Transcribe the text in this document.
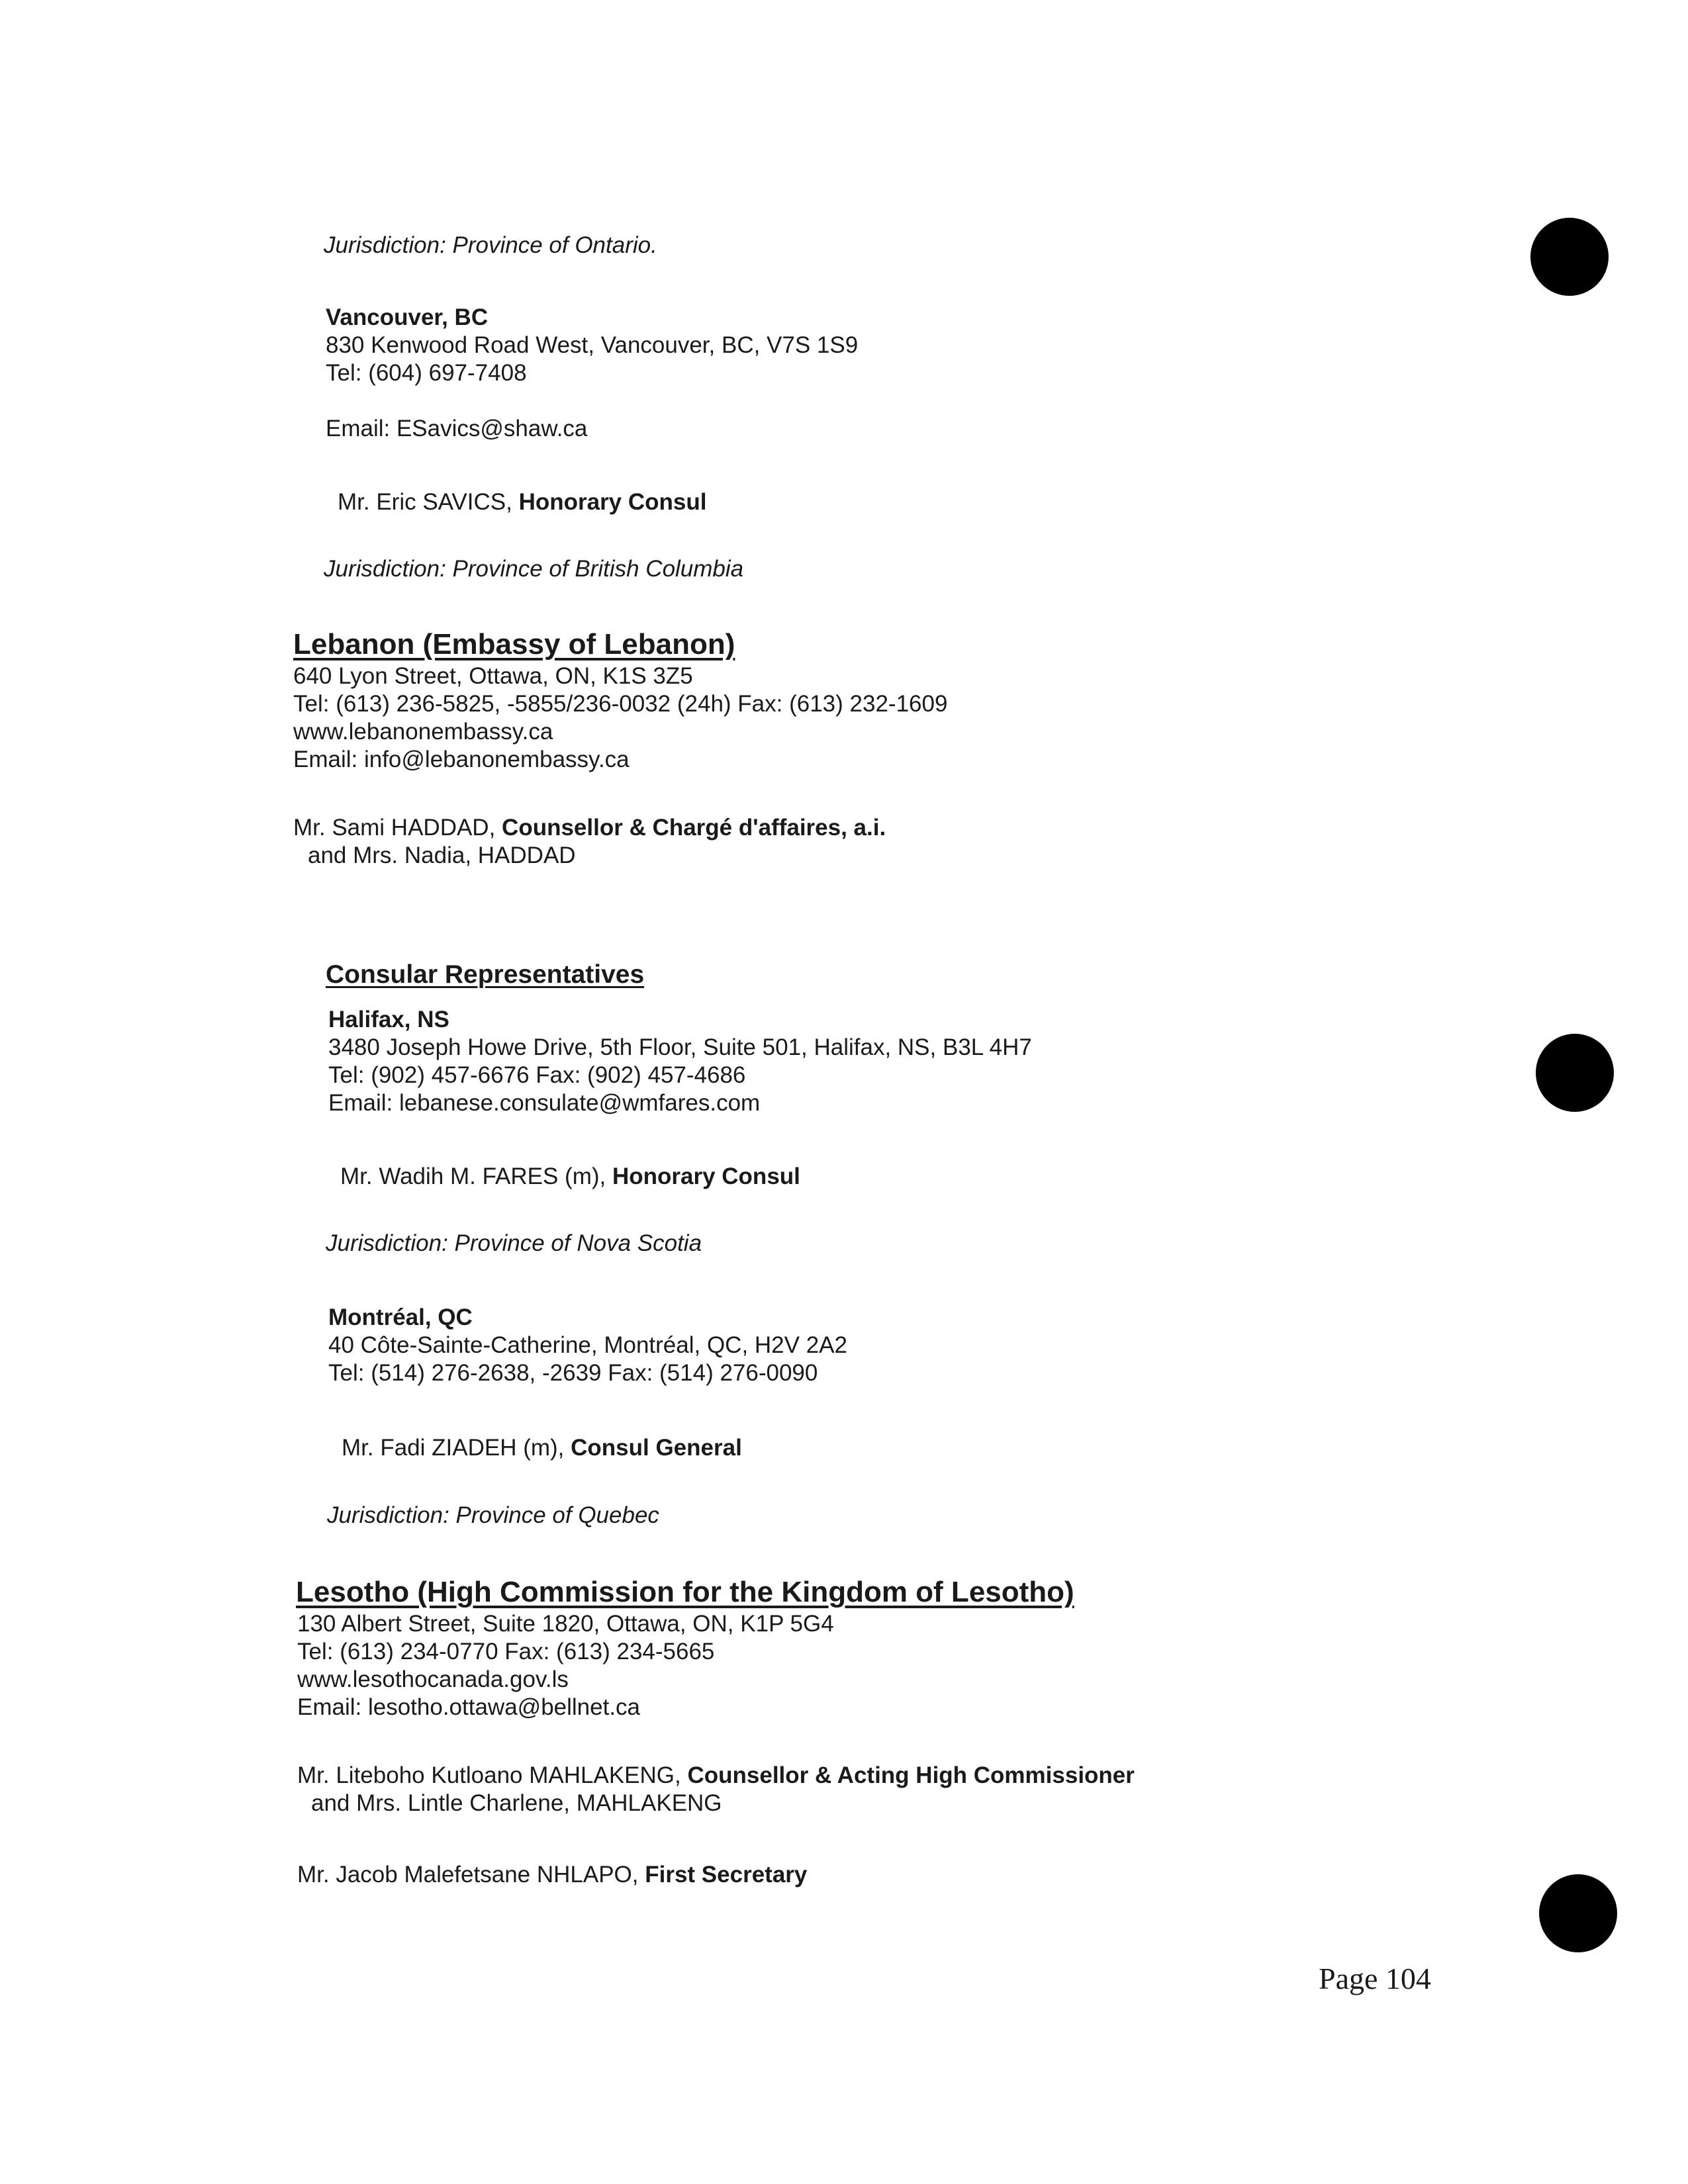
Jurisdiction: Province of Ontario.
Vancouver, BC
830 Kenwood Road West, Vancouver, BC, V7S 1S9
Tel: (604) 697-7408
Email: ESavics@shaw.ca
Mr. Eric SAVICS, Honorary Consul
Jurisdiction: Province of British Columbia
Lebanon (Embassy of Lebanon)
640 Lyon Street, Ottawa, ON, K1S 3Z5
Tel: (613) 236-5825, -5855/236-0032 (24h) Fax: (613) 232-1609
www.lebanonembassy.ca
Email: info@lebanonembassy.ca
Mr. Sami HADDAD, Counsellor & Chargé d'affaires, a.i.
and Mrs. Nadia, HADDAD
Consular Representatives
Halifax, NS
3480 Joseph Howe Drive, 5th Floor, Suite 501, Halifax, NS, B3L 4H7
Tel: (902) 457-6676 Fax: (902) 457-4686
Email: lebanese.consulate@wmfares.com
Mr. Wadih M. FARES (m), Honorary Consul
Jurisdiction: Province of Nova Scotia
Montréal, QC
40 Côte-Sainte-Catherine, Montréal, QC, H2V 2A2
Tel: (514) 276-2638, -2639 Fax: (514) 276-0090
Mr. Fadi ZIADEH (m), Consul General
Jurisdiction: Province of Quebec
Lesotho (High Commission for the Kingdom of Lesotho)
130 Albert Street, Suite 1820, Ottawa, ON, K1P 5G4
Tel: (613) 234-0770 Fax: (613) 234-5665
www.lesothocanada.gov.ls
Email: lesotho.ottawa@bellnet.ca
Mr. Liteboho Kutloano MAHLAKENG, Counsellor & Acting High Commissioner
and Mrs. Lintle Charlene, MAHLAKENG
Mr. Jacob Malefetsane NHLAPO, First Secretary
Page 104
